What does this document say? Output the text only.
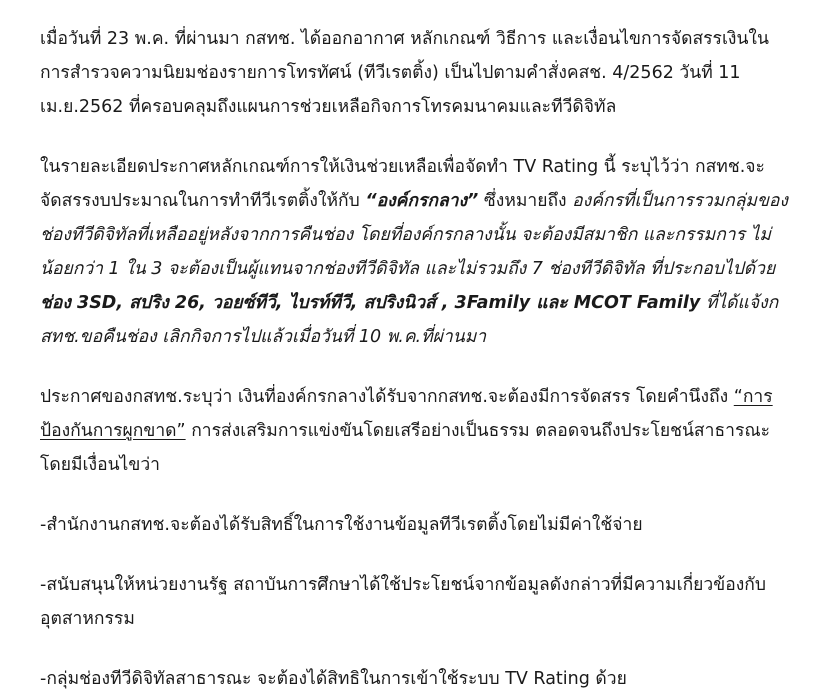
เมื่อวันที่ 23 พ.ค. ที่ผ่านมา กสทช. ได้ออกอากาศ หลักเกณฑ์ วิธีการ และเงื่อนไขการจัดสรรเงินในการสำรวจความนิยมช่องรายการโทรทัศน์ (ทีวีเรตติ้ง) เป็นไปตามคำสั่งคสช. 4/2562 วันที่ 11 เม.ย.2562 ที่ครอบคลุมถึงแผนการช่วยเหลือกิจการโทรคมนาคมและทีวีดิจิทัล

ในรายละเอียดประกาศหลักเกณฑ์การให้เงินช่วยเหลือเพื่อจัดทำ TV Rating นี้ ระบุไว้ว่า กสทช.จะจัดสรรงบประมาณในการทำทีวีเรตติ้งให้กับ “องค์กรกลาง” ซึ่งหมายถึง องค์กรที่เป็นการรวมกลุ่มของช่องทีวีดิจิทัลที่เหลืออยู่หลังจากการคืนช่อง โดยที่องค์กรกลางนั้น จะต้องมีสมาชิก และกรรมการ ไม่น้อยกว่า 1 ใน 3 จะต้องเป็นผู้แทนจากช่องทีวีดิจิทัล และไม่รวมถึง 7 ช่องทีวีดิจิทัล ที่ประกอบไปด้วย ช่อง 3SD, สปริง 26, วอยซ์ทีวี, ไบรท์ทีวี, สปริงนิวส์ , 3Family และ MCOT Family ที่ได้แจ้งกสทช.ขอคืนช่อง เลิกกิจการไปแล้วเมื่อวันที่ 10 พ.ค.ที่ผ่านมา

ประกาศของกสทช.ระบุว่า เงินที่องค์กรกลางได้รับจากกสทช.จะต้องมีการจัดสรร โดยคำนึงถึง “การป้องกันการผูกขาด” การส่งเสริมการแข่งขันโดยเสรีอย่างเป็นธรรม ตลอดจนถึงประโยชน์สาธารณะ โดยมีเงื่อนไขว่า

-สำนักงานกสทช.จะต้องได้รับสิทธิ์ในการใช้งานข้อมูลทีวีเรตติ้งโดยไม่มีค่าใช้จ่าย

-สนับสนุนให้หน่วยงานรัฐ สถาบันการศึกษาได้ใช้ประโยชน์จากข้อมูลดังกล่าวที่มีความเกี่ยวข้องกับอุตสาหกรรม

-กลุ่มช่องทีวีดิจิทัลสาธารณะ จะต้องได้สิทธิในการเข้าใช้ระบบ TV Rating ด้วย
